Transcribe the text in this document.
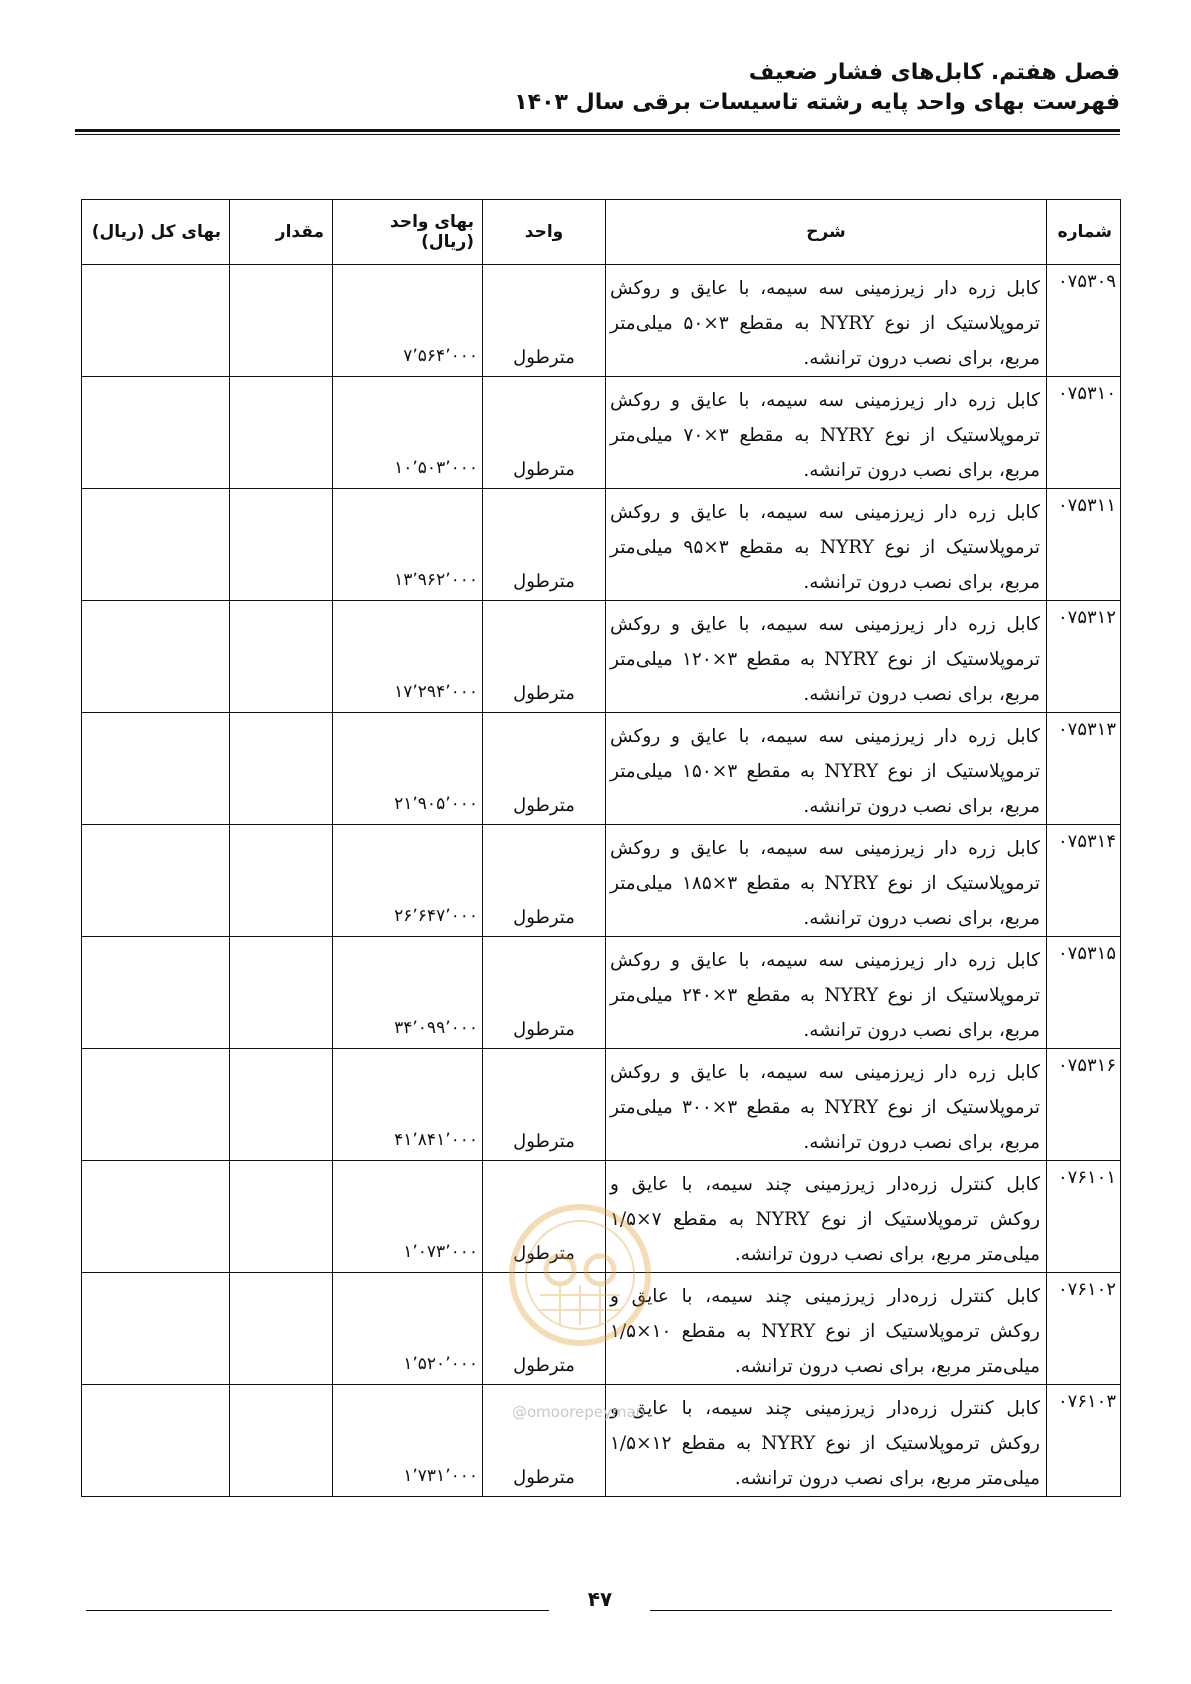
فصل هفتم. کابل‌های فشار ضعیف
فهرست بهای واحد پایه رشته تاسیسات برقی سال ۱۴۰۳
شماره	شرح	واحد	بهای واحد (ریال)	مقدار	بهای کل (ریال)
۰۷۵۳۰۹	کابل زره دار زیرزمینی سه سیمه، با عایق و روکش ترموپلاستیک از نوع NYRY به مقطع ۳×۵۰ میلی‌متر مربع، برای نصب درون ترانشه.	مترطول	۷٬۵۶۴٬۰۰۰		
۰۷۵۳۱۰	کابل زره دار زیرزمینی سه سیمه، با عایق و روکش ترموپلاستیک از نوع NYRY به مقطع ۳×۷۰ میلی‌متر مربع، برای نصب درون ترانشه.	مترطول	۱۰٬۵۰۳٬۰۰۰		
۰۷۵۳۱۱	کابل زره دار زیرزمینی سه سیمه، با عایق و روکش ترموپلاستیک از نوع NYRY به مقطع ۳×۹۵ میلی‌متر مربع، برای نصب درون ترانشه.	مترطول	۱۳٬۹۶۲٬۰۰۰		
۰۷۵۳۱۲	کابل زره دار زیرزمینی سه سیمه، با عایق و روکش ترموپلاستیک از نوع NYRY به مقطع ۳×۱۲۰ میلی‌متر مربع، برای نصب درون ترانشه.	مترطول	۱۷٬۲۹۴٬۰۰۰		
۰۷۵۳۱۳	کابل زره دار زیرزمینی سه سیمه، با عایق و روکش ترموپلاستیک از نوع NYRY به مقطع ۳×۱۵۰ میلی‌متر مربع، برای نصب درون ترانشه.	مترطول	۲۱٬۹۰۵٬۰۰۰		
۰۷۵۳۱۴	کابل زره دار زیرزمینی سه سیمه، با عایق و روکش ترموپلاستیک از نوع NYRY به مقطع ۳×۱۸۵ میلی‌متر مربع، برای نصب درون ترانشه.	مترطول	۲۶٬۶۴۷٬۰۰۰		
۰۷۵۳۱۵	کابل زره دار زیرزمینی سه سیمه، با عایق و روکش ترموپلاستیک از نوع NYRY به مقطع ۳×۲۴۰ میلی‌متر مربع، برای نصب درون ترانشه.	مترطول	۳۴٬۰۹۹٬۰۰۰		
۰۷۵۳۱۶	کابل زره دار زیرزمینی سه سیمه، با عایق و روکش ترموپلاستیک از نوع NYRY به مقطع ۳×۳۰۰ میلی‌متر مربع، برای نصب درون ترانشه.	مترطول	۴۱٬۸۴۱٬۰۰۰		
۰۷۶۱۰۱	کابل کنترل زره‌دار زیرزمینی چند سیمه، با عایق و روکش ترموپلاستیک از نوع NYRY به مقطع ۷×۱/۵ میلی‌متر مربع، برای نصب درون ترانشه.	مترطول	۱٬۰۷۳٬۰۰۰		
۰۷۶۱۰۲	کابل کنترل زره‌دار زیرزمینی چند سیمه، با عایق و روکش ترموپلاستیک از نوع NYRY به مقطع ۱۰×۱/۵ میلی‌متر مربع، برای نصب درون ترانشه.	مترطول	۱٬۵۲۰٬۰۰۰		
۰۷۶۱۰۳	کابل کنترل زره‌دار زیرزمینی چند سیمه، با عایق و روکش ترموپلاستیک از نوع NYRY به مقطع ۱۲×۱/۵ میلی‌متر مربع، برای نصب درون ترانشه.	مترطول	۱٬۷۳۱٬۰۰۰		
@omoorepeyman
۴۷
